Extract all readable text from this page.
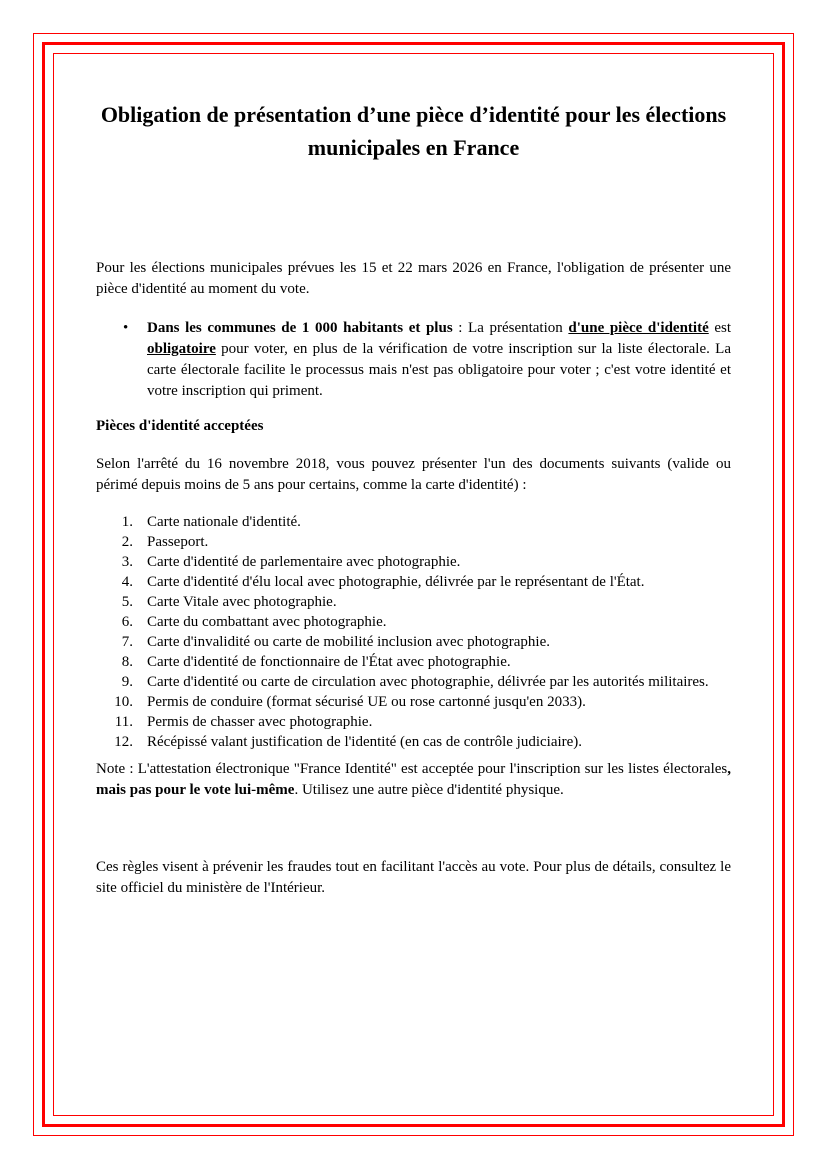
Obligation de présentation d’une pièce d’identité pour les élections municipales en France

Pour les élections municipales prévues les 15 et 22 mars 2026 en France, l'obligation de présenter une pièce d'identité au moment du vote.

• Dans les communes de 1 000 habitants et plus : La présentation d'une pièce d'identité est obligatoire pour voter, en plus de la vérification de votre inscription sur la liste électorale. La carte électorale facilite le processus mais n'est pas obligatoire pour voter ; c'est votre identité et votre inscription qui priment.
Pièces d'identité acceptées

Selon l'arrêté du 16 novembre 2018, vous pouvez présenter l'un des documents suivants (valide ou périmé depuis moins de 5 ans pour certains, comme la carte d'identité) :

1. Carte nationale d'identité.
2. Passeport.
3. Carte d'identité de parlementaire avec photographie.
4. Carte d'identité d'élu local avec photographie, délivrée par le représentant de l'État.
5. Carte Vitale avec photographie.
6. Carte du combattant avec photographie.
7. Carte d'invalidité ou carte de mobilité inclusion avec photographie.
8. Carte d'identité de fonctionnaire de l'État avec photographie.
9. Carte d'identité ou carte de circulation avec photographie, délivrée par les autorités militaires.
10. Permis de conduire (format sécurisé UE ou rose cartonné jusqu'en 2033).
11. Permis de chasser avec photographie.
12. Récépissé valant justification de l'identité (en cas de contrôle judiciaire).

Note : L'attestation électronique "France Identité" est acceptée pour l'inscription sur les listes électorales, mais pas pour le vote lui-même. Utilisez une autre pièce d'identité physique.

Ces règles visent à prévenir les fraudes tout en facilitant l'accès au vote. Pour plus de détails, consultez le site officiel du ministère de l'Intérieur.
